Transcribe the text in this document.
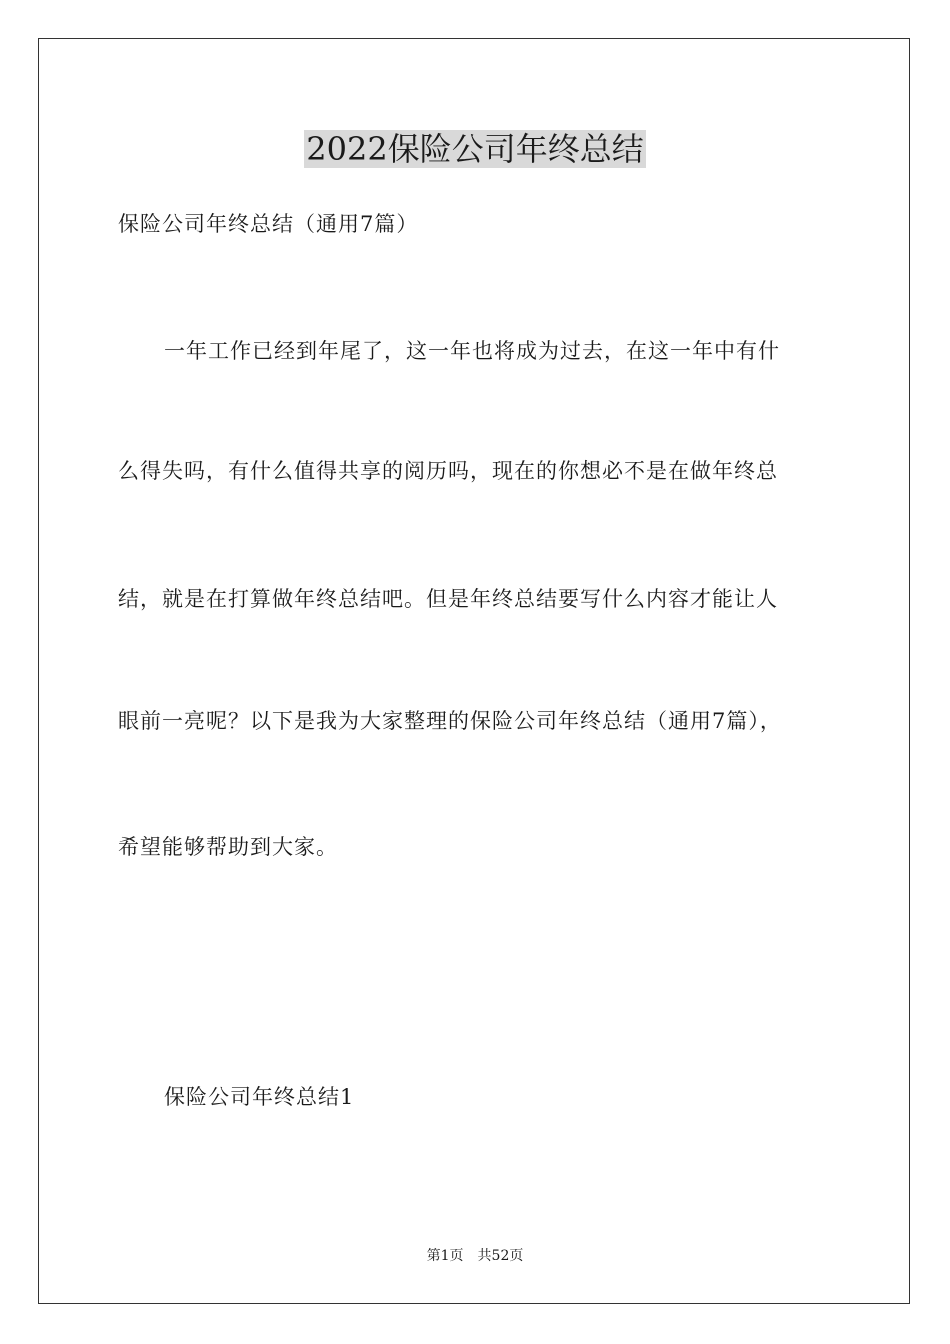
2022保险公司年终总结
保险公司年终总结（通用7篇）
一年工作已经到年尾了，这一年也将成为过去，在这一年中有什
么得失吗，有什么值得共享的阅历吗，现在的你想必不是在做年终总
结，就是在打算做年终总结吧。但是年终总结要写什么内容才能让人
眼前一亮呢？以下是我为大家整理的保险公司年终总结（通用7篇），
希望能够帮助到大家。
保险公司年终总结1
第1页　共52页
